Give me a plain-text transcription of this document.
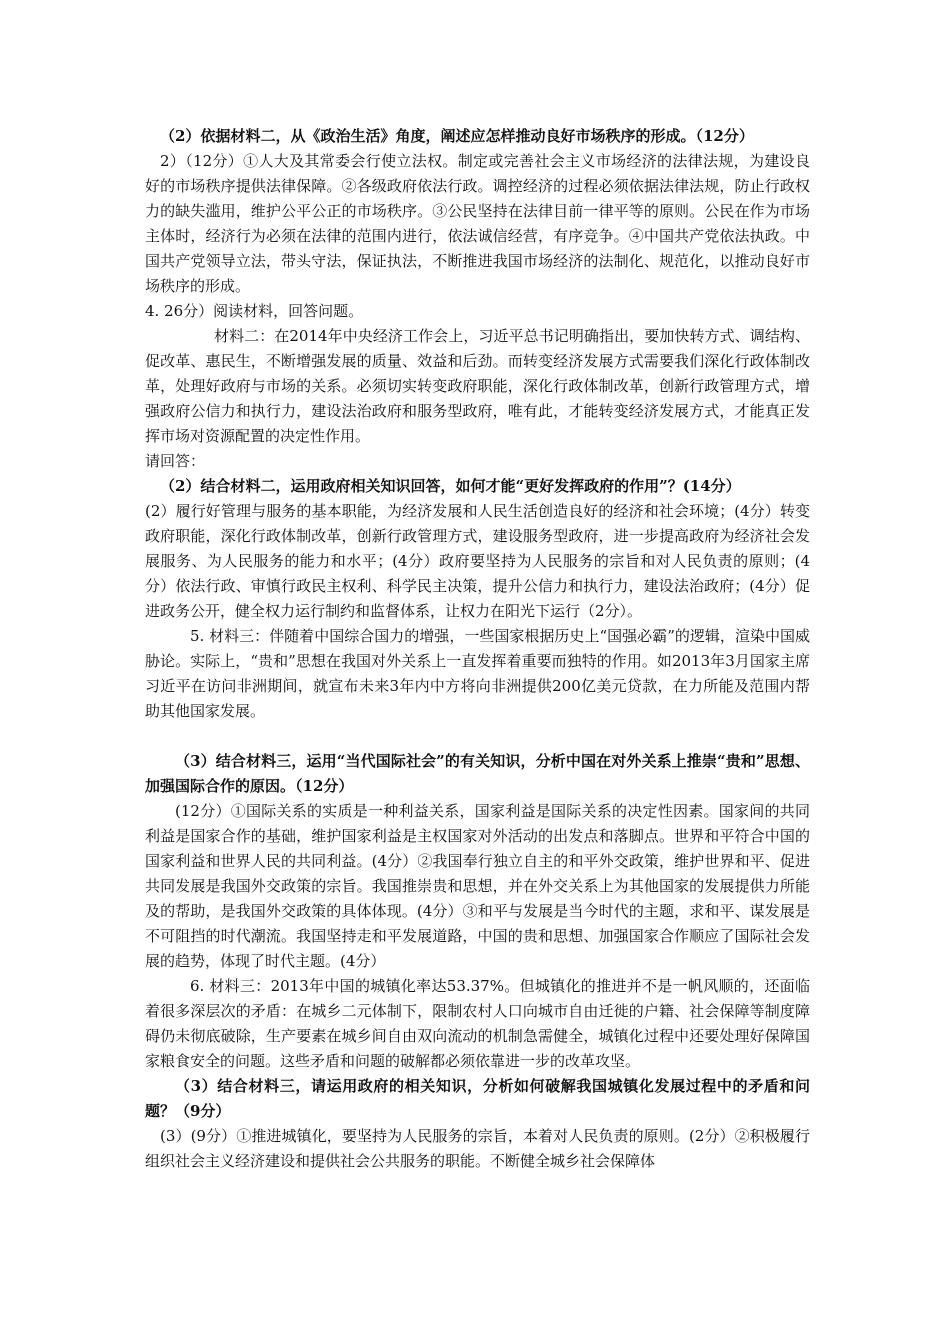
（2）依据材料二，从《政治生活》角度，阐述应怎样推动良好市场秩序的形成。（12分）

2）（12分）①人大及其常委会行使立法权。制定或完善社会主义市场经济的法律法规，为建设良好的市场秩序提供法律保障。②各级政府依法行政。调控经济的过程必须依据法律法规，防止行政权力的缺失滥用，维护公平公正的市场秩序。③公民坚持在法律目前一律平等的原则。公民在作为市场主体时，经济行为必须在法律的范围内进行，依法诚信经营，有序竞争。④中国共产党依法执政。中国共产党领导立法，带头守法，保证执法，不断推进我国市场经济的法制化、规范化，以推动良好市场秩序的形成。

4. 26分）阅读材料，回答问题。

材料二：在2014年中央经济工作会上，习近平总书记明确指出，要加快转方式、调结构、促改革、惠民生，不断增强发展的质量、效益和后劲。而转变经济发展方式需要我们深化行政体制改革，处理好政府与市场的关系。必须切实转变政府职能，深化行政体制改革，创新行政管理方式，增强政府公信力和执行力，建设法治政府和服务型政府，唯有此，才能转变经济发展方式，才能真正发挥市场对资源配置的决定性作用。

请回答：

（2）结合材料二，运用政府相关知识回答，如何才能“更好发挥政府的作用”？(14分）

(2）履行好管理与服务的基本职能，为经济发展和人民生活创造良好的经济和社会环境；(4分）转变政府职能，深化行政体制改革，创新行政管理方式，建设服务型政府，进一步提高政府为经济社会发展服务、为人民服务的能力和水平；(4分）政府要坚持为人民服务的宗旨和对人民负责的原则；(4分）依法行政、审慎行政民主权利、科学民主决策，提升公信力和执行力，建设法治政府；(4分）促进政务公开，健全权力运行制约和监督体系，让权力在阳光下运行（2分）。

5. 材料三：伴随着中国综合国力的增强，一些国家根据历史上“国强必霸”的逻辑，渲染中国威胁论。实际上，“贵和”思想在我国对外关系上一直发挥着重要而独特的作用。如2013年3月国家主席习近平在访问非洲期间，就宣布未来3年内中方将向非洲提供200亿美元贷款，在力所能及范围内帮助其他国家发展。

（3）结合材料三，运用“当代国际社会”的有关知识，分析中国在对外关系上推崇“贵和”思想、加强国际合作的原因。（12分）

(12分）①国际关系的实质是一种利益关系，国家利益是国际关系的决定性因素。国家间的共同利益是国家合作的基础，维护国家利益是主权国家对外活动的出发点和落脚点。世界和平符合中国的国家利益和世界人民的共同利益。(4分）②我国奉行独立自主的和平外交政策，维护世界和平、促进共同发展是我国外交政策的宗旨。我国推崇贵和思想，并在外交关系上为其他国家的发展提供力所能及的帮助，是我国外交政策的具体体现。(4分）③和平与发展是当今时代的主题，求和平、谋发展是不可阻挡的时代潮流。我国坚持走和平发展道路，中国的贵和思想、加强国家合作顺应了国际社会发展的趋势，体现了时代主题。(4分）

6. 材料三：2013年中国的城镇化率达53.37%。但城镇化的推进并不是一帆风顺的，还面临着很多深层次的矛盾：在城乡二元体制下，限制农村人口向城市自由迁徙的户籍、社会保障等制度障碍仍未彻底破除，生产要素在城乡间自由双向流动的机制急需健全，城镇化过程中还要处理好保障国家粮食安全的问题。这些矛盾和问题的破解都必须依靠进一步的改革攻坚。

（3）结合材料三，请运用政府的相关知识，分析如何破解我国城镇化发展过程中的矛盾和问题？（9分）

(3）(9分）①推进城镇化，要坚持为人民服务的宗旨，本着对人民负责的原则。(2分）②积极履行组织社会主义经济建设和提供社会公共服务的职能。不断健全城乡社会保障体
